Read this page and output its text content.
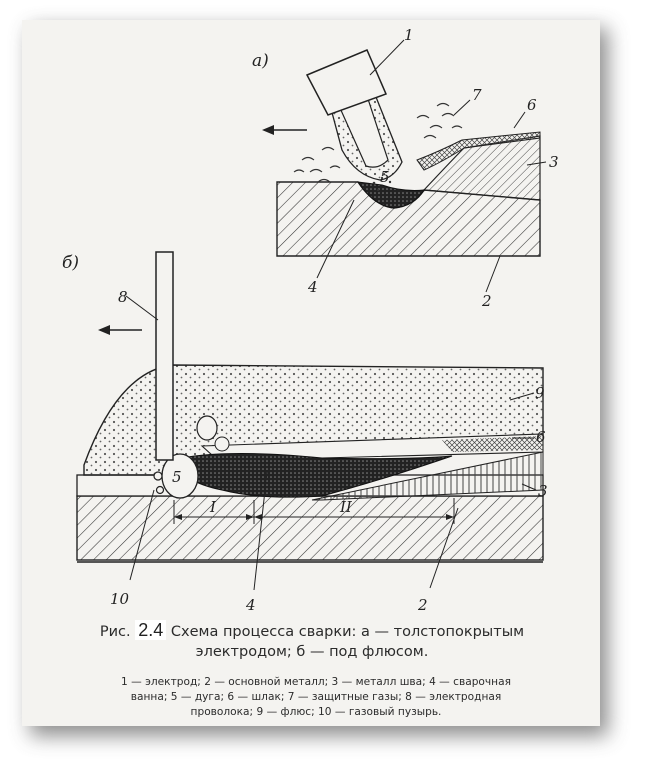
а)
1
7
6
3
5
4
2
б)
8
9
6
3
5
10	4	2
I	II
Рис. 2.4 Схема процесса сварки: а — толстопокрытым
электродом; б — под флюсом.
1 — электрод; 2 — основной металл; 3 — металл шва; 4 — сварочная
ванна; 5 — дуга; 6 — шлак; 7 — защитные газы; 8 — электродная
проволока; 9 — флюс; 10 — газовый пузырь.
